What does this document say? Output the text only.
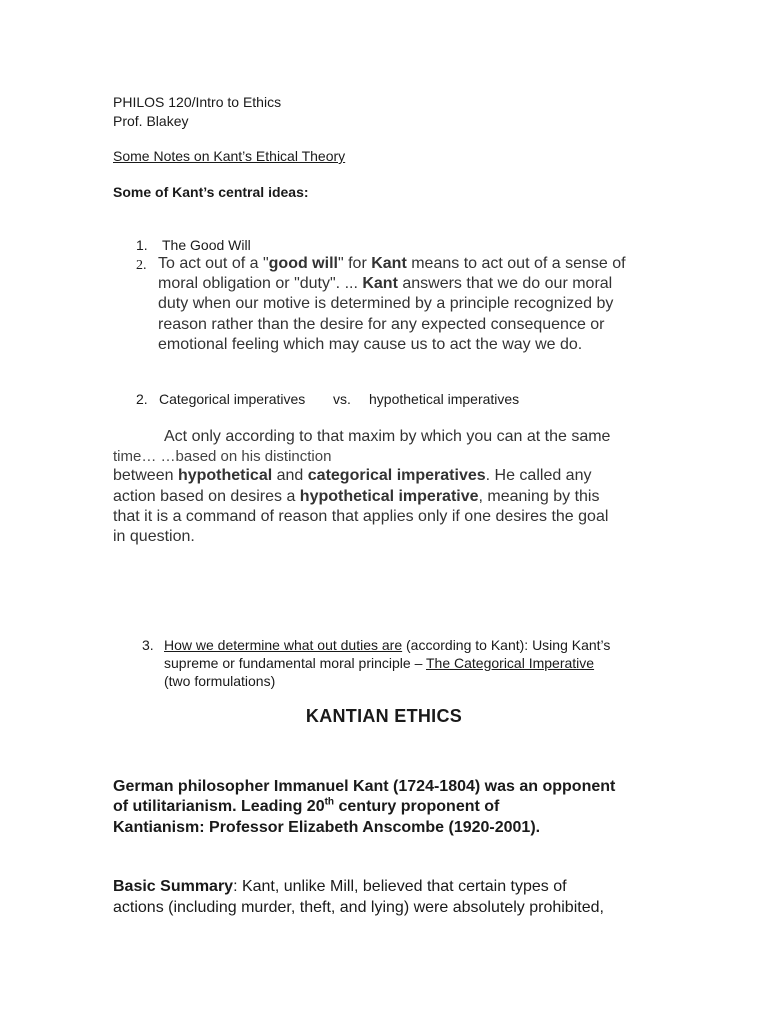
PHILOS 120/Intro to Ethics
Prof. Blakey
Some Notes on Kant’s Ethical Theory
Some of Kant’s central ideas:
1. The Good Will
2. To act out of a "good will" for Kant means to act out of a sense of
moral obligation or "duty". ... Kant answers that we do our moral
duty when our motive is determined by a principle recognized by
reason rather than the desire for any expected consequence or
emotional feeling which may cause us to act the way we do.
2. Categorical imperatives vs. hypothetical imperatives
Act only according to that maxim by which you can at the same
time… …based on his distinction
between hypothetical and categorical imperatives. He called any
action based on desires a hypothetical imperative, meaning by this
that it is a command of reason that applies only if one desires the goal
in question.
3. How we determine what out duties are (according to Kant): Using Kant’s
supreme or fundamental moral principle – The Categorical Imperative
(two formulations)
KANTIAN ETHICS
German philosopher Immanuel Kant (1724-1804) was an opponent
of utilitarianism. Leading 20th century proponent of
Kantianism: Professor Elizabeth Anscombe (1920-2001).
Basic Summary: Kant, unlike Mill, believed that certain types of
actions (including murder, theft, and lying) were absolutely prohibited,
